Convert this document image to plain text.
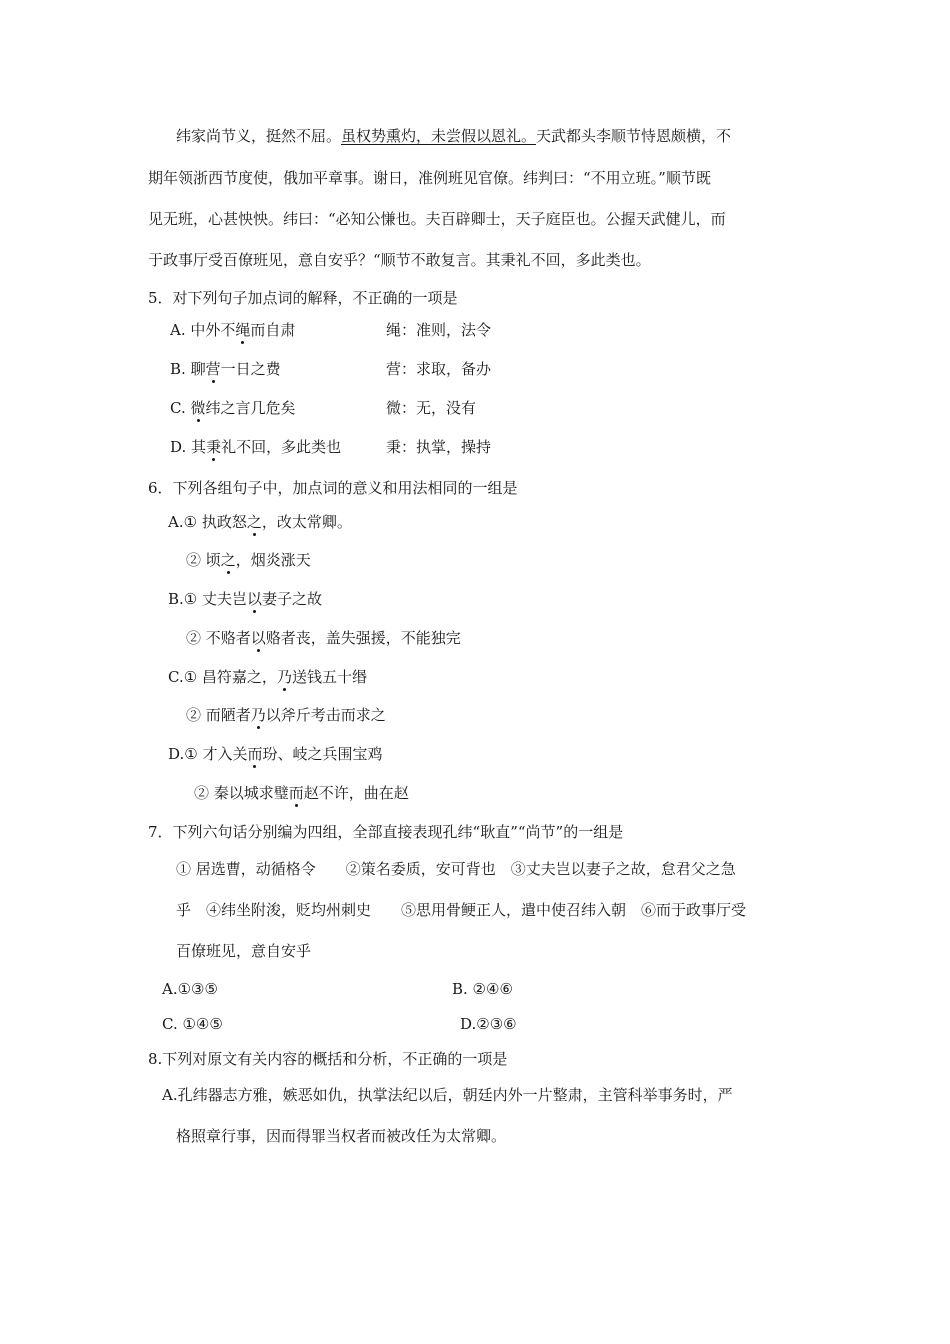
纬家尚节义，挺然不屈。虽权势熏灼，未尝假以恩礼。天武都头李顺节恃恩颇横，不
期年领浙西节度使，俄加平章事。谢日，准例班见官僚。纬判曰：“不用立班。”顺节既
见无班，心甚怏怏。纬曰：“必知公慊也。夫百辟卿士，天子庭臣也。公握天武健儿，而
于政事厅受百僚班见，意自安乎？“顺节不敢复言。其秉礼不回，多此类也。
5．对下列句子加点词的解释，不正确的一项是
A. 中外不绳而自肃	绳：准则，法令
B. 聊营一日之费	营：求取，备办
C. 微纬之言几危矣	微：无，没有
D. 其秉礼不回，多此类也	秉：执掌，操持
6．下列各组句子中，加点词的意义和用法相同的一组是
A.① 执政怒之，改太常卿。
② 顷之，烟炎涨天
B.① 丈夫岂以妻子之故
② 不赂者以赂者丧，盖失强援，不能独完
C.① 昌符嘉之，乃送钱五十缗
② 而陋者乃以斧斤考击而求之
D.① 才入关而玢、岐之兵围宝鸡
② 秦以城求璧而赵不许，曲在赵
7．下列六句话分别编为四组，全部直接表现孔纬“耿直”“尚节”的一组是
① 居选曹，动循格令　　②策名委质，安可背也　③丈夫岂以妻子之故，怠君父之急
乎　④纬坐附浚，贬均州刺史　　⑤思用骨鲠正人，遣中使召纬入朝　⑥而于政事厅受
百僚班见，意自安乎
A.①③⑤	B. ②④⑥
C. ①④⑤	D.②③⑥
8.下列对原文有关内容的概括和分析，不正确的一项是
A.孔纬器志方雅，嫉恶如仇，执掌法纪以后，朝廷内外一片整肃，主管科举事务时，严
格照章行事，因而得罪当权者而被改任为太常卿。
